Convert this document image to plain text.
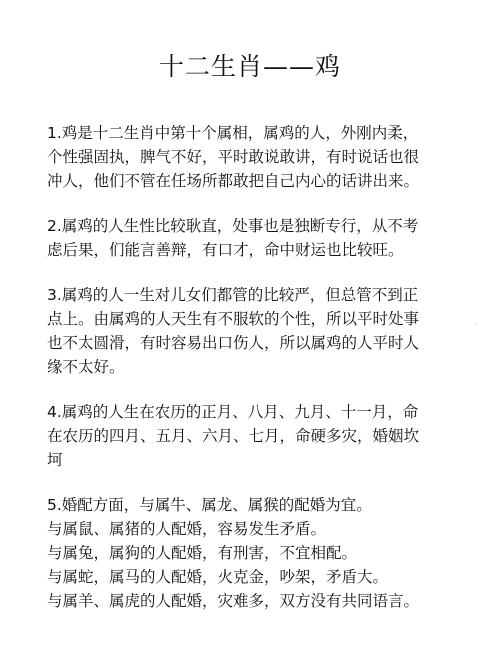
十二生肖——鸡

1.鸡是十二生肖中第十个属相，属鸡的人，外刚内柔，
个性强固执，脾气不好，平时敢说敢讲，有时说话也很
冲人，他们不管在任场所都敢把自己内心的话讲出来。

2.属鸡的人生性比较耿直，处事也是独断专行，从不考
虑后果，们能言善辩，有口才，命中财运也比较旺。

3.属鸡的人一生对儿女们都管的比较严，但总管不到正
点上。由属鸡的人天生有不服软的个性，所以平时处事
也不太圆滑，有时容易出口伤人，所以属鸡的人平时人
缘不太好。

4.属鸡的人生在农历的正月、八月、九月、十一月，命
在农历的四月、五月、六月、七月，命硬多灾，婚姻坎
坷

5.婚配方面，与属牛、属龙、属猴的配婚为宜。
与属鼠、属猪的人配婚，容易发生矛盾。
与属兔，属狗的人配婚，有刑害，不宜相配。
与属蛇，属马的人配婚，火克金，吵架，矛盾大。
与属羊、属虎的人配婚，灾难多，双方没有共同语言。

·
